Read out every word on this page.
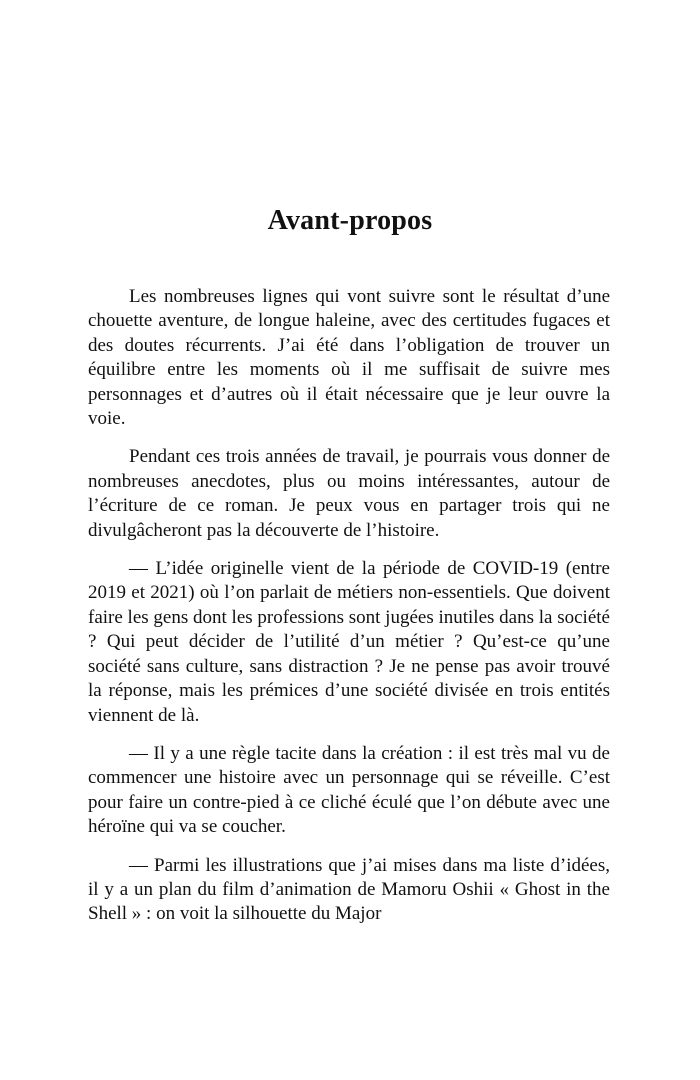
Avant-propos

Les nombreuses lignes qui vont suivre sont le résultat d’une chouette aventure, de longue haleine, avec des certitudes fugaces et des doutes récurrents. J’ai été dans l’obligation de trouver un équilibre entre les moments où il me suffisait de suivre mes personnages et d’autres où il était nécessaire que je leur ouvre la voie.

Pendant ces trois années de travail, je pourrais vous donner de nombreuses anecdotes, plus ou moins intéressantes, autour de l’écriture de ce roman. Je peux vous en partager trois qui ne divulgâcheront pas la découverte de l’histoire.

— L’idée originelle vient de la période de COVID-19 (entre 2019 et 2021) où l’on parlait de métiers non-essentiels. Que doivent faire les gens dont les professions sont jugées inutiles dans la société ? Qui peut décider de l’utilité d’un métier ? Qu’est-ce qu’une société sans culture, sans distraction ? Je ne pense pas avoir trouvé la réponse, mais les prémices d’une société divisée en trois entités viennent de là.

— Il y a une règle tacite dans la création : il est très mal vu de commencer une histoire avec un personnage qui se réveille. C’est pour faire un contre-pied à ce cliché éculé que l’on débute avec une héroïne qui va se coucher.

— Parmi les illustrations que j’ai mises dans ma liste d’idées, il y a un plan du film d’animation de Mamoru Oshii « Ghost in the Shell » : on voit la silhouette du Major
